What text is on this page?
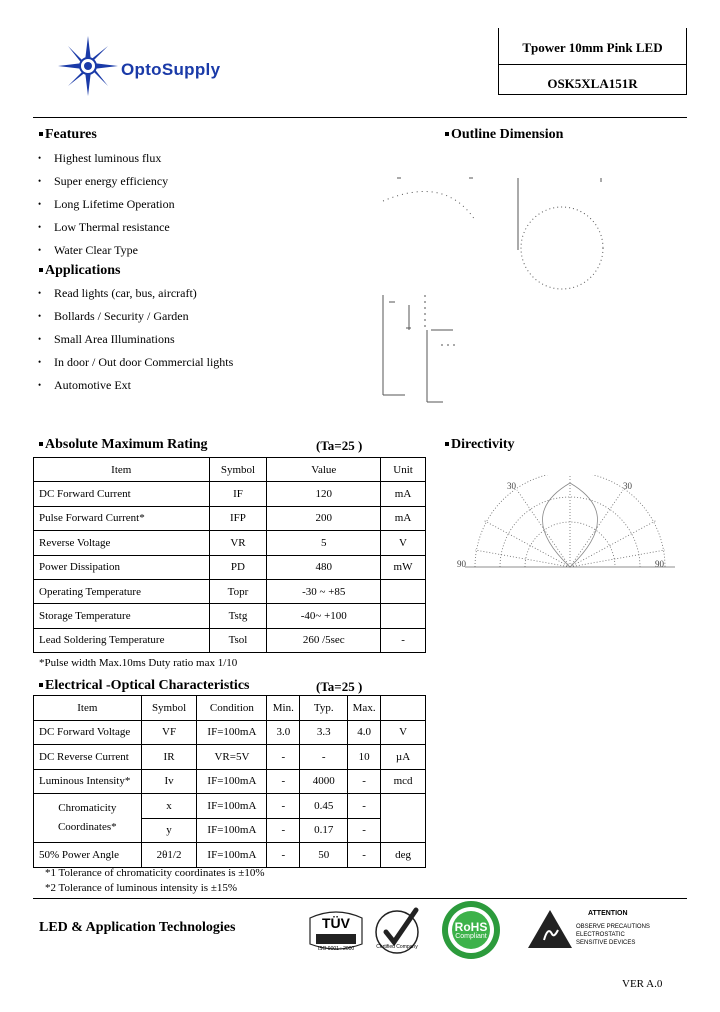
OptoSupply
Tpower 10mm Pink LED
OSK5XLA151R
Features
• Highest luminous flux
• Super energy efficiency
• Long Lifetime Operation
• Low Thermal resistance
• Water Clear Type
Applications
• Read lights (car, bus, aircraft)
• Bollards / Security / Garden
• Small Area Illuminations
• In door / Out door Commercial lights
• Automotive Ext
Outline Dimension
Directivity
90	90
30	30
Absolute Maximum Rating	(Ta=25 )
Item	Symbol	Value	Unit
DC Forward Current	IF	120	mA
Pulse Forward Current*	IFP	200	mA
Reverse Voltage	VR	5	V
Power Dissipation	PD	480	mW
Operating Temperature	Topr	-30 ~ +85	
Storage Temperature	Tstg	-40~ +100	
Lead Soldering Temperature	Tsol	260 /5sec	-
*Pulse width Max.10ms Duty ratio max 1/10
Electrical -Optical Characteristics	(Ta=25 )
Item	Symbol	Condition	Min.	Typ.	Max.	
DC Forward Voltage	VF	IF=100mA	3.0	3.3	4.0	V
DC Reverse Current	IR	VR=5V	-	-	10	µA
Luminous Intensity*	Iv	IF=100mA	-	4000	-	mcd

Chromaticity
Coordinates*	x	IF=100mA	-	0.45	-	
	y	IF=100mA	-	0.17	-	
50% Power Angle	2θ1/2	IF=100mA	-	50	-	deg
*1 Tolerance of chromaticity coordinates is ±10%
*2 Tolerance of luminous intensity is ±15%
LED & Application Technologies	TÜV
ISO 9001 : 2000	Certified Company
RoHS
Compliant
ATTENTION
OBSERVE PRECAUTIONS
ELECTROSTATIC
SENSITIVE DEVICES
VER A.0
